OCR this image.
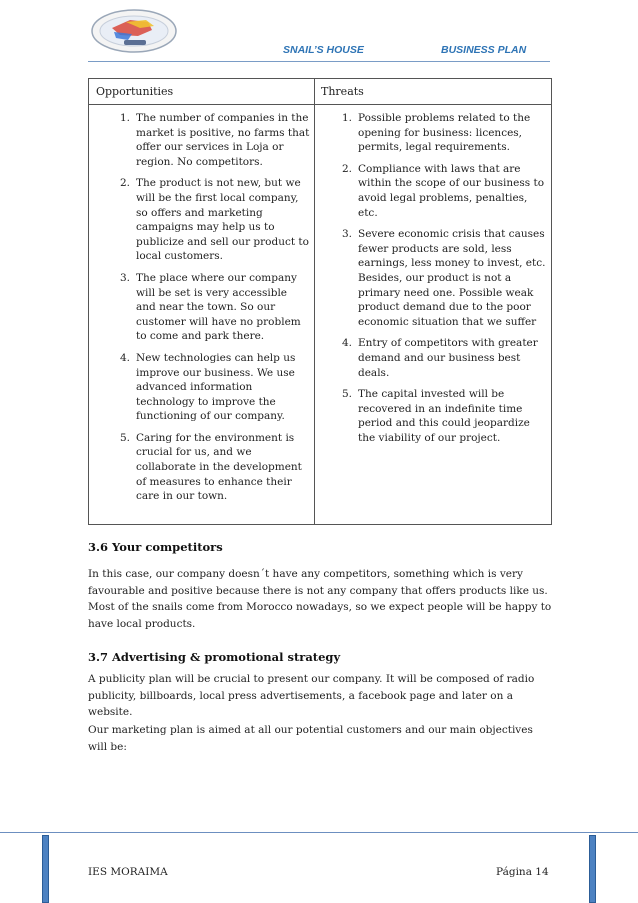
SNAIL’S HOUSE	BUSINESS PLAN
Opportunities	Threats
1. The number of companies in the market is positive, no farms that offer our services in Loja or region. No competitors.
2. The product is not new, but we will be the first local company, so offers and marketing campaigns may help us to publicize and sell our product to local customers.
3. The place where our company will be set is very accessible and near the town. So our customer will have no problem to come and park there.
4. New technologies can help us improve our business. We use advanced information technology to improve the functioning of our company.
5. Caring for the environment is crucial for us, and we collaborate in the development of measures to enhance their care in our town.
1. Possible problems related to the opening for business: licences, permits, legal requirements.
2. Compliance with laws that are within the scope of our business to avoid legal problems, penalties, etc.
3. Severe economic crisis that causes fewer products are sold, less earnings, less money to invest, etc. Besides, our product is not a primary need one. Possible weak product demand due to the poor economic situation that we suffer
4. Entry of competitors with greater demand and our business best deals.
5. The capital invested will be recovered in an indefinite time period and this could jeopardize the viability of our project.
3.6 Your competitors
In this case, our company doesn´t have any competitors, something which is very favourable and positive because there is not any company that offers products like us. Most of the snails come from Morocco nowadays, so we expect people will be happy to have local products.
3.7 Advertising & promotional strategy
A publicity plan will be crucial to present our company. It will be composed of radio publicity, billboards, local press advertisements, a facebook page and later on a website.
Our marketing plan is aimed at all our potential customers and our main objectives will be:
IES MORAIMA	Página 14
